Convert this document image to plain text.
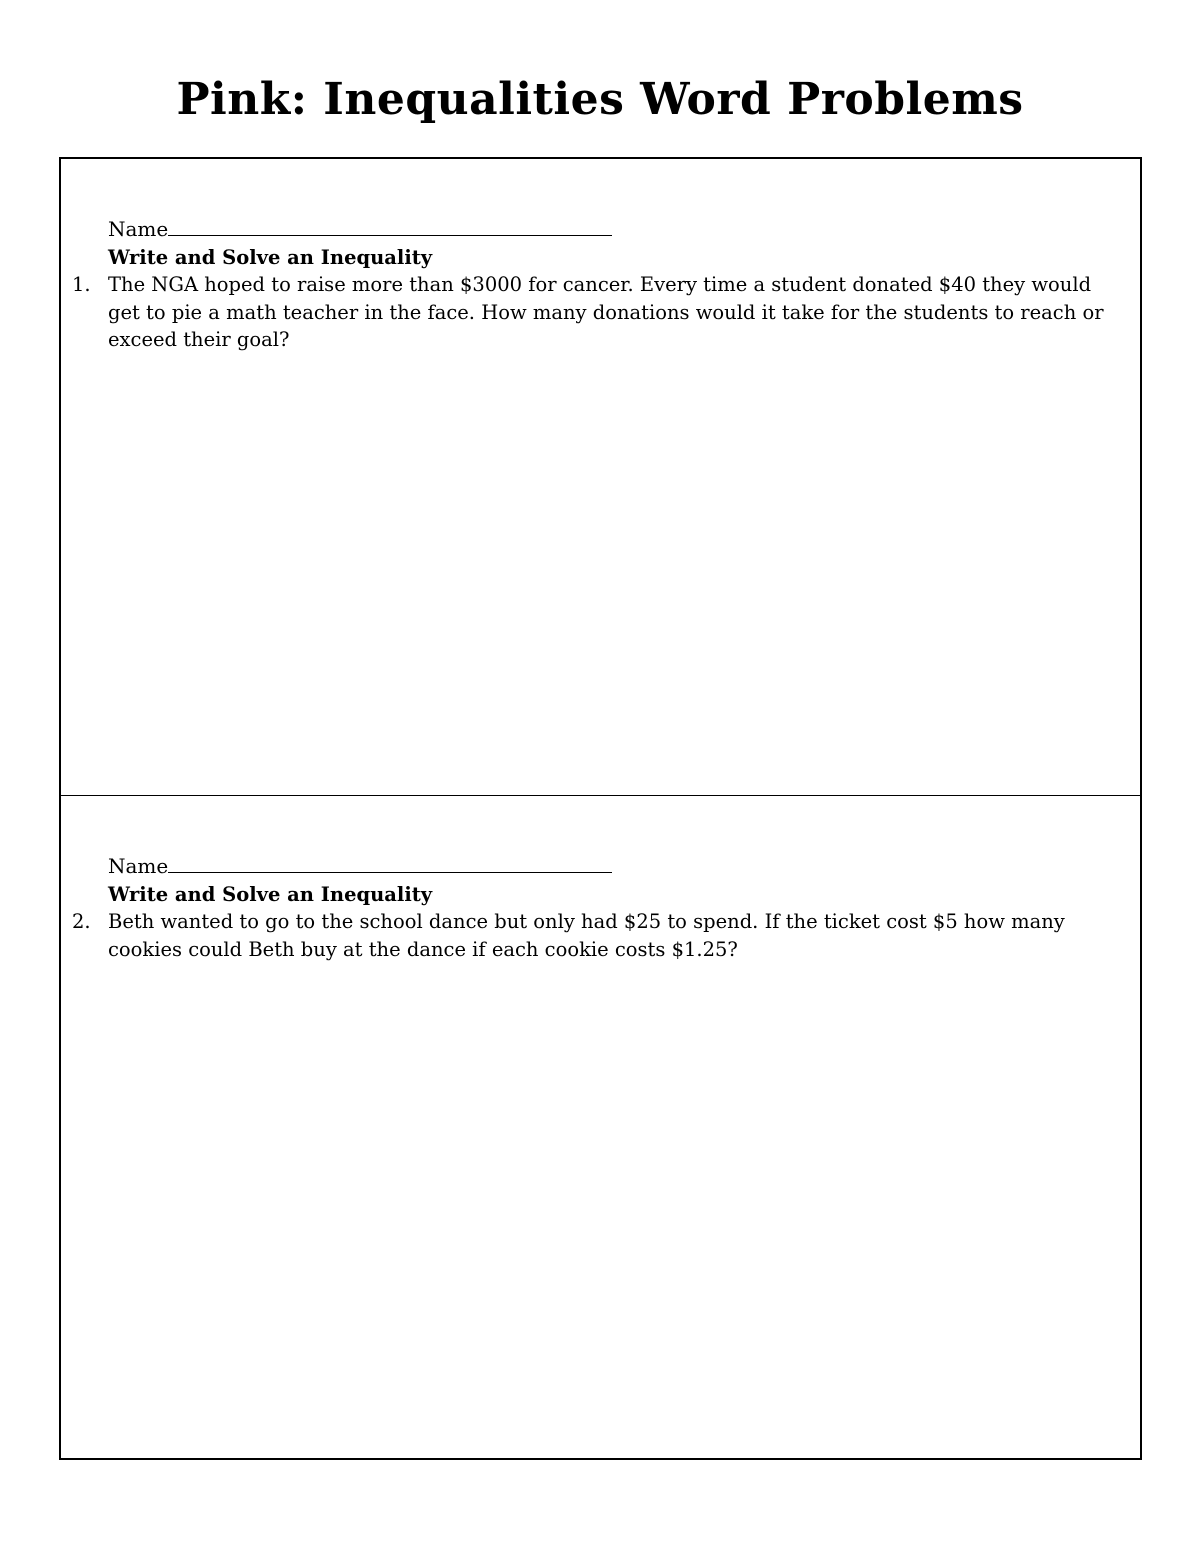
Pink: Inequalities Word Problems
Name
Write and Solve an Inequality
1. The NGA hoped to raise more than $3000 for cancer. Every time a student donated $40 they would get to pie a math teacher in the face. How many donations would it take for the students to reach or exceed their goal?
Name
Write and Solve an Inequality
2. Beth wanted to go to the school dance but only had $25 to spend. If the ticket cost $5 how many cookies could Beth buy at the dance if each cookie costs $1.25?
